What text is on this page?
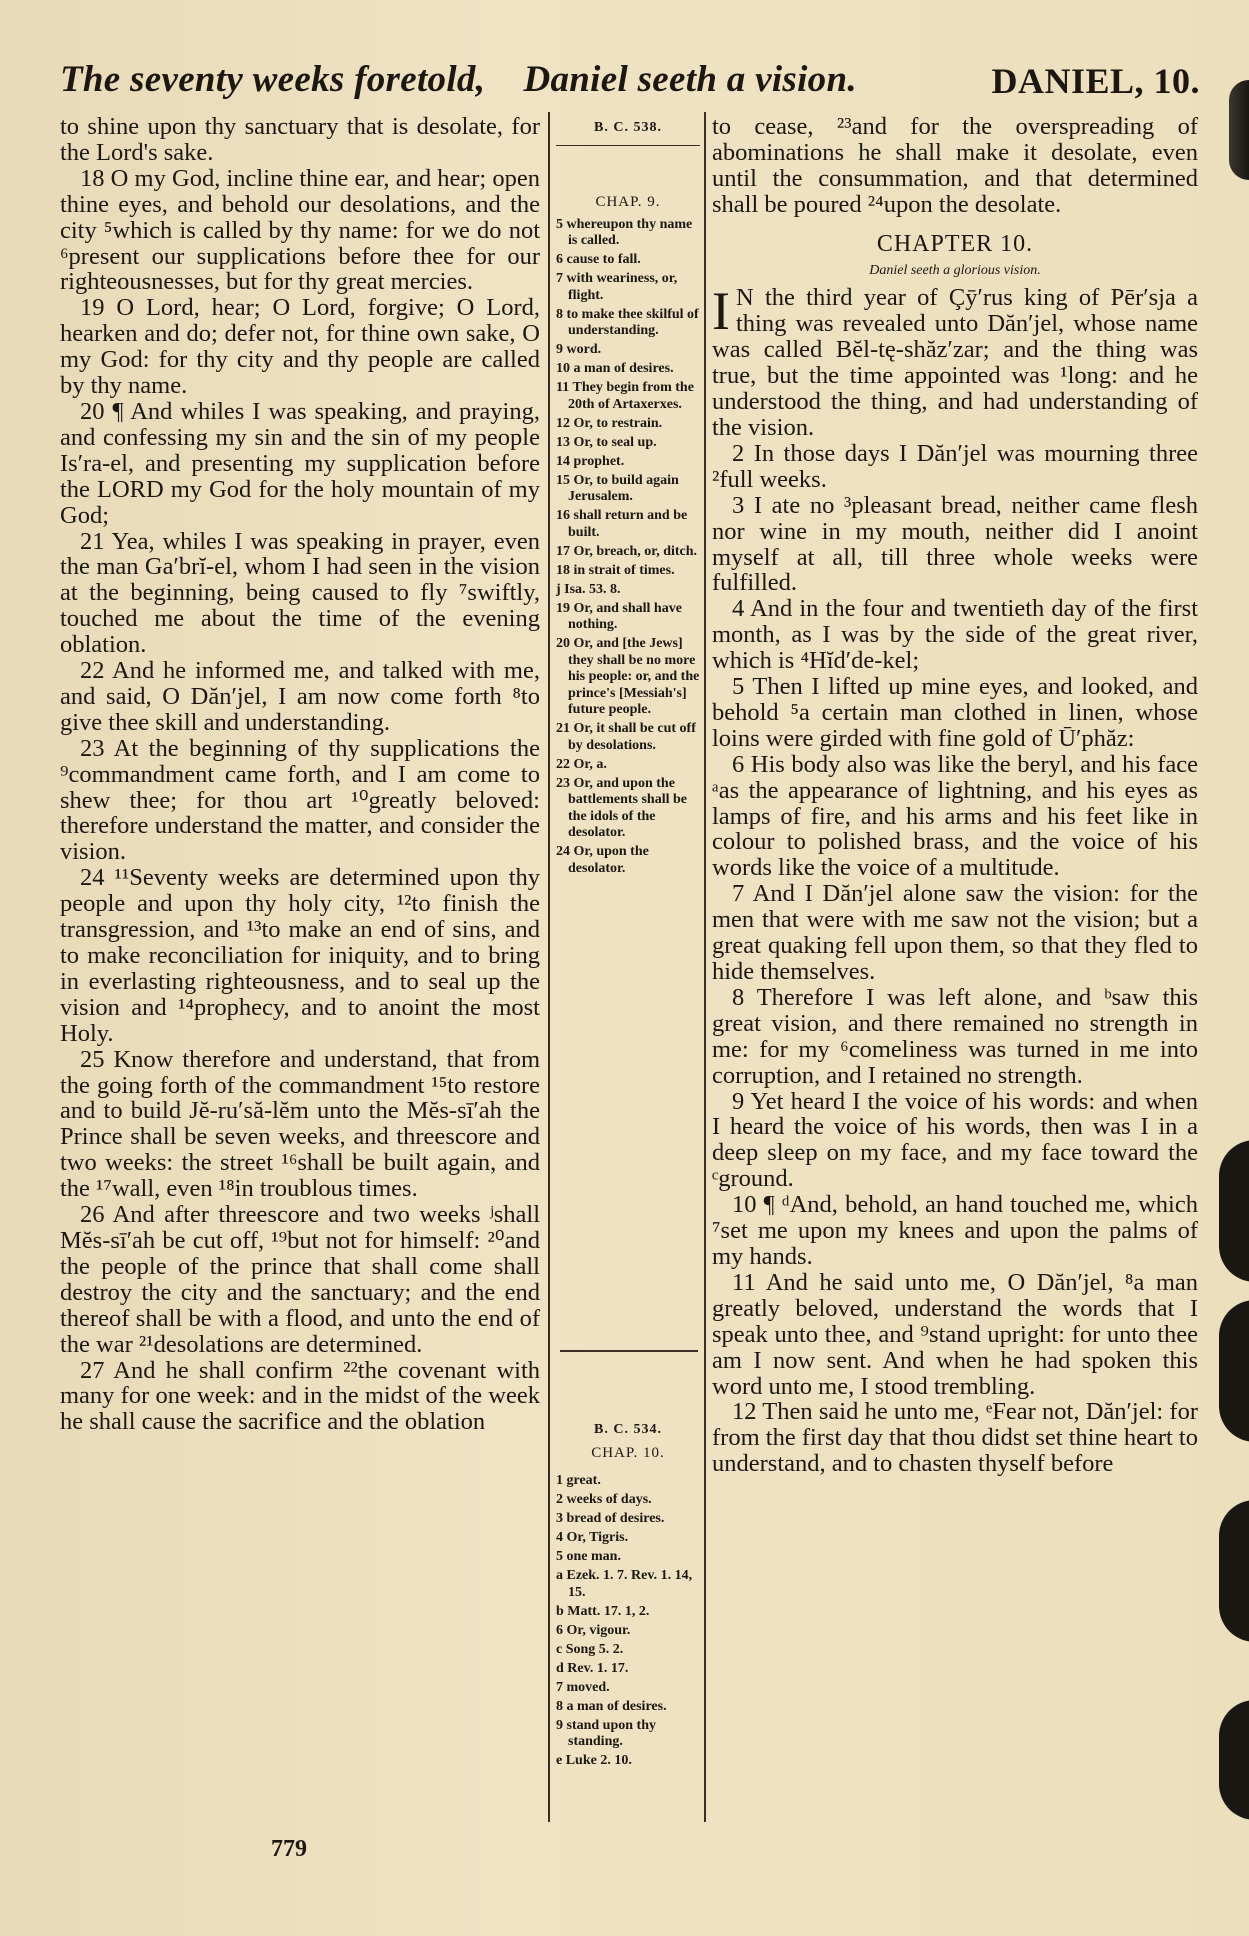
The seventy weeks foretold,    Daniel seeth a vision.	DANIEL, 10.

to shine upon thy sanctuary that is desolate, for the Lord's sake.

18 O my God, incline thine ear, and hear; open thine eyes, and behold our desolations, and the city ⁵which is called by thy name: for we do not ⁶present our supplications before thee for our righteousnesses, but for thy great mercies.

19 O Lord, hear; O Lord, forgive; O Lord, hearken and do; defer not, for thine own sake, O my God: for thy city and thy people are called by thy name.

20 ¶ And whiles I was speaking, and praying, and confessing my sin and the sin of my people Is′ra-el, and presenting my supplication before the LORD my God for the holy mountain of my God;

21 Yea, whiles I was speaking in prayer, even the man Ga′brĭ-el, whom I had seen in the vision at the beginning, being caused to fly ⁷swiftly, touched me about the time of the evening oblation.

22 And he informed me, and talked with me, and said, O Dăn′jel, I am now come forth ⁸to give thee skill and understanding.

23 At the beginning of thy supplications the ⁹commandment came forth, and I am come to shew thee; for thou art ¹⁰greatly beloved: therefore understand the matter, and consider the vision.

24 ¹¹Seventy weeks are determined upon thy people and upon thy holy city, ¹²to finish the transgression, and ¹³to make an end of sins, and to make reconciliation for iniquity, and to bring in everlasting righteousness, and to seal up the vision and ¹⁴prophecy, and to anoint the most Holy.

25 Know therefore and understand, that from the going forth of the commandment ¹⁵to restore and to build Jĕ-ru′să-lĕm unto the Mĕs-sī′ah the Prince shall be seven weeks, and threescore and two weeks: the street ¹⁶shall be built again, and the ¹⁷wall, even ¹⁸in troublous times.

26 And after threescore and two weeks ʲshall Mĕs-sī′ah be cut off, ¹⁹but not for himself: ²⁰and the people of the prince that shall come shall destroy the city and the sanctuary; and the end thereof shall be with a flood, and unto the end of the war ²¹desolations are determined.

27 And he shall confirm ²²the covenant with many for one week: and in the midst of the week he shall cause the sacrifice and the oblation

B. C. 538.
CHAP. 9.
5 whereupon thy name is called.
6 cause to fall.
7 with weariness, or, flight.
8 to make thee skilful of understanding.
9 word.
10 a man of desires.
11 They begin from the 20th of Artaxerxes.
12 Or, to restrain.
13 Or, to seal up.
14 prophet.
15 Or, to build again Jerusalem.
16 shall return and be built.
17 Or, breach, or, ditch.
18 in strait of times.
j Isa. 53. 8.
19 Or, and shall have nothing.
20 Or, and [the Jews] they shall be no more his people: or, and the prince's [Messiah's] future people.
21 Or, it shall be cut off by desolations.
22 Or, a.
23 Or, and upon the battlements shall be the idols of the desolator.
24 Or, upon the desolator.
B. C. 534.
CHAP. 10.
1 great.
2 weeks of days.
3 bread of desires.
4 Or, Tigris.
5 one man.
a Ezek. 1. 7. Rev. 1. 14, 15.
b Matt. 17. 1, 2.
6 Or, vigour.
c Song 5. 2.
d Rev. 1. 17.
7 moved.
8 a man of desires.
9 stand upon thy standing.
e Luke 2. 10.

to cease, ²³and for the overspreading of abominations he shall make it desolate, even until the consummation, and that determined shall be poured ²⁴upon the desolate.

CHAPTER 10.
Daniel seeth a glorious vision.

I N the third year of Çȳ′rus king of Pēr′sja a thing was revealed unto Dăn′jel, whose name was called Bĕl-tę-shăz′zar; and the thing was true, but the time appointed was ¹long: and he understood the thing, and had understanding of the vision.

2 In those days I Dăn′jel was mourning three ²full weeks.

3 I ate no ³pleasant bread, neither came flesh nor wine in my mouth, neither did I anoint myself at all, till three whole weeks were fulfilled.

4 And in the four and twentieth day of the first month, as I was by the side of the great river, which is ⁴Hĭd′de-kel;

5 Then I lifted up mine eyes, and looked, and behold ⁵a certain man clothed in linen, whose loins were girded with fine gold of Ū′phăz:

6 His body also was like the beryl, and his face ᵃas the appearance of lightning, and his eyes as lamps of fire, and his arms and his feet like in colour to polished brass, and the voice of his words like the voice of a multitude.

7 And I Dăn′jel alone saw the vision: for the men that were with me saw not the vision; but a great quaking fell upon them, so that they fled to hide themselves.

8 Therefore I was left alone, and ᵇsaw this great vision, and there remained no strength in me: for my ⁶comeliness was turned in me into corruption, and I retained no strength.

9 Yet heard I the voice of his words: and when I heard the voice of his words, then was I in a deep sleep on my face, and my face toward the ᶜground.

10 ¶ ᵈAnd, behold, an hand touched me, which ⁷set me upon my knees and upon the palms of my hands.

11 And he said unto me, O Dăn′jel, ⁸a man greatly beloved, understand the words that I speak unto thee, and ⁹stand upright: for unto thee am I now sent. And when he had spoken this word unto me, I stood trembling.

12 Then said he unto me, ᵉFear not, Dăn′jel: for from the first day that thou didst set thine heart to understand, and to chasten thyself before

779
